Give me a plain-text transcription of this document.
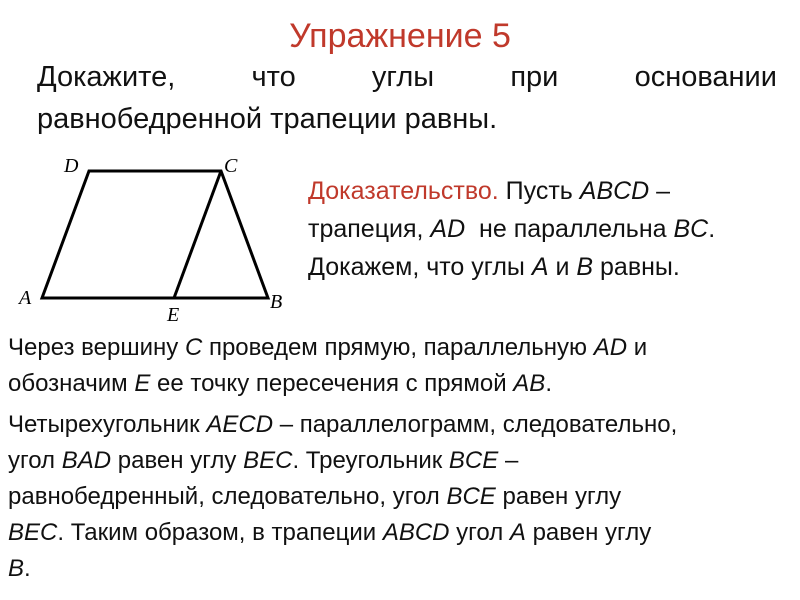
Упражнение 5
Докажите,	что	углы	при	основании
равнобедренной трапеции равны.
D	C
A	B
E
Доказательство. Пусть ABCD –
трапеция, AD  не параллельна BC.
Докажем, что углы A и B равны.
Через вершину C проведем прямую, параллельную AD и
обозначим E ее точку пересечения с прямой AB.
Четырехугольник AECD – параллелограмм, следовательно,
угол BAD равен углу BEC. Треугольник BCE –
равнобедренный, следовательно, угол BCE равен углу
BEC. Таким образом, в трапеции ABCD угол A равен углу
B.
